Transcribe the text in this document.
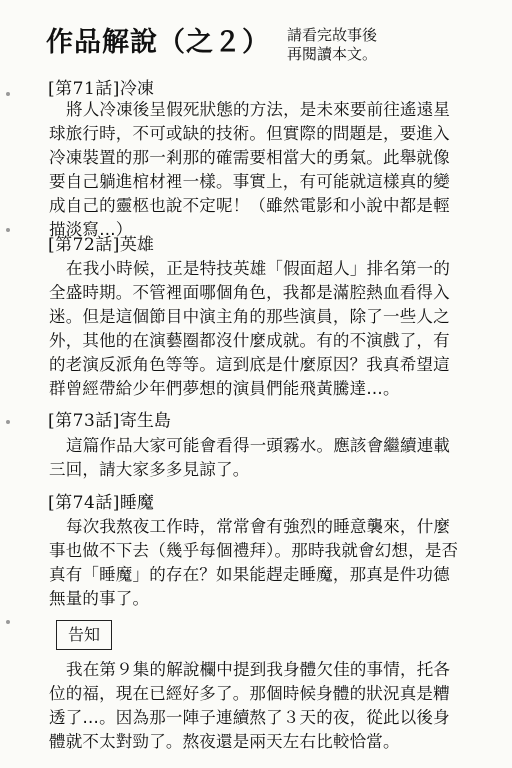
作品解說（之２） 請看完故事後
再閱讀本文。
[第71話]冷凍
將人冷凍後呈假死狀態的方法，是未來要前往遙遠星球旅行時，不可或缺的技術。但實際的問題是，要進入冷凍裝置的那一剎那的確需要相當大的勇氣。此舉就像要自己躺進棺材裡一樣。事實上，有可能就這樣真的變成自己的靈柩也說不定呢！（雖然電影和小說中都是輕描淡寫…）
[第72話]英雄
在我小時候，正是特技英雄「假面超人」排名第一的全盛時期。不管裡面哪個角色，我都是滿腔熱血看得入迷。但是這個節目中演主角的那些演員，除了一些人之外，其他的在演藝圈都沒什麼成就。有的不演戲了，有的老演反派角色等等。這到底是什麼原因？我真希望這群曾經帶給少年們夢想的演員們能飛黃騰達…。
[第73話]寄生島
這篇作品大家可能會看得一頭霧水。應該會繼續連載三回，請大家多多見諒了。
[第74話]睡魔
每次我熬夜工作時，常常會有強烈的睡意襲來，什麼事也做不下去（幾乎每個禮拜）。那時我就會幻想，是否真有「睡魔」的存在？如果能趕走睡魔，那真是件功德無量的事了。
告知
我在第９集的解說欄中提到我身體欠佳的事情，托各位的福，現在已經好多了。那個時候身體的狀況真是糟透了…。因為那一陣子連續熬了３天的夜，從此以後身體就不太對勁了。熬夜還是兩天左右比較恰當。
